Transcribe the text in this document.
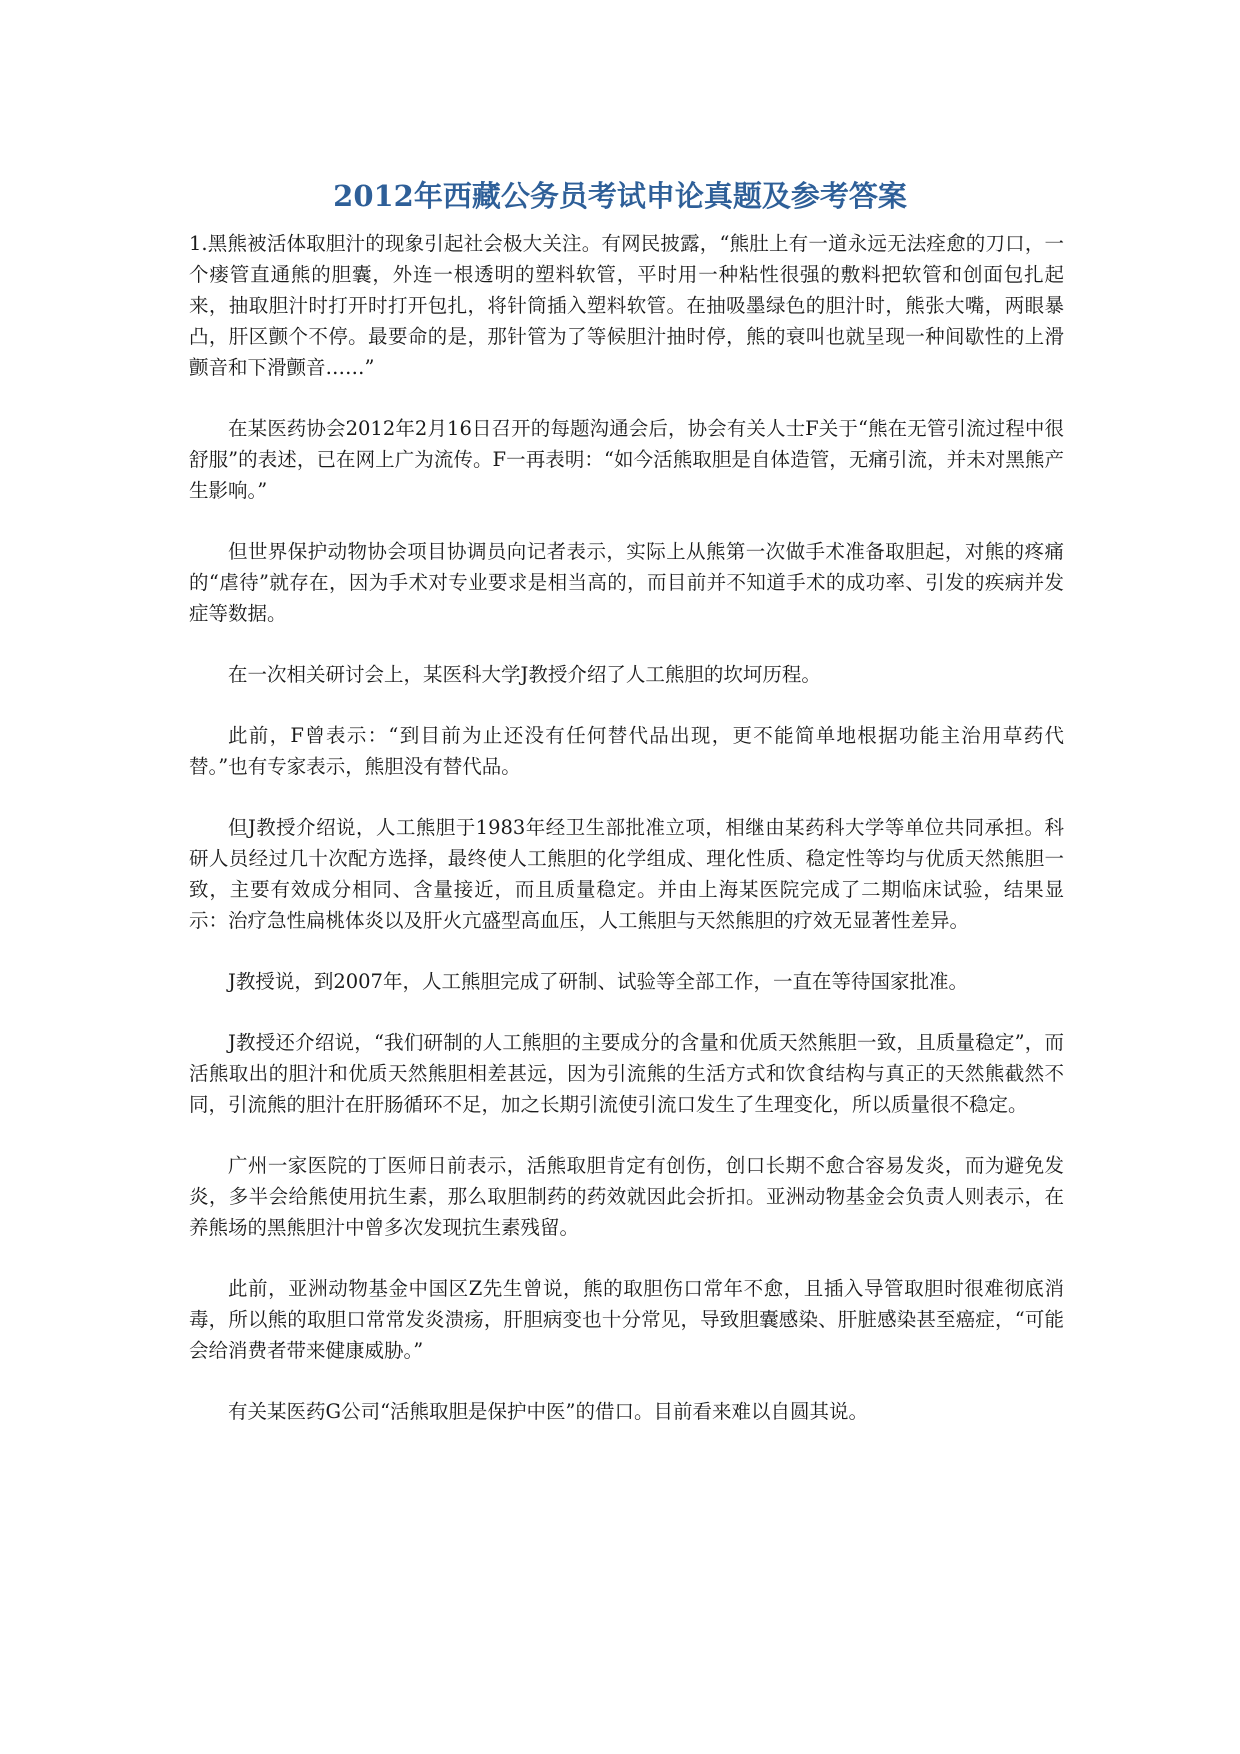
2012年西藏公务员考试申论真题及参考答案

1.黑熊被活体取胆汁的现象引起社会极大关注。有网民披露，“熊肚上有一道永远无法痊愈的刀口，一个瘘管直通熊的胆囊，外连一根透明的塑料软管，平时用一种粘性很强的敷料把软管和创面包扎起来，抽取胆汁时打开时打开包扎，将针筒插入塑料软管。在抽吸墨绿色的胆汁时，熊张大嘴，两眼暴凸，肝区颤个不停。最要命的是，那针管为了等候胆汁抽时停，熊的衰叫也就呈现一种间歇性的上滑颤音和下滑颤音……”

在某医药协会2012年2月16日召开的每题沟通会后，协会有关人士F关于“熊在无管引流过程中很舒服”的表述，已在网上广为流传。F一再表明：“如今活熊取胆是自体造管，无痛引流，并未对黑熊产生影响。”

但世界保护动物协会项目协调员向记者表示，实际上从熊第一次做手术准备取胆起，对熊的疼痛的“虐待”就存在，因为手术对专业要求是相当高的，而目前并不知道手术的成功率、引发的疾病并发症等数据。

在一次相关研讨会上，某医科大学J教授介绍了人工熊胆的坎坷历程。

此前，F曾表示：“到目前为止还没有任何替代品出现，更不能简单地根据功能主治用草药代替。”也有专家表示，熊胆没有替代品。

但J教授介绍说，人工熊胆于1983年经卫生部批准立项，相继由某药科大学等单位共同承担。科研人员经过几十次配方选择，最终使人工熊胆的化学组成、理化性质、稳定性等均与优质天然熊胆一致，主要有效成分相同、含量接近，而且质量稳定。并由上海某医院完成了二期临床试验，结果显示：治疗急性扁桃体炎以及肝火亢盛型高血压，人工熊胆与天然熊胆的疗效无显著性差异。

J教授说，到2007年，人工熊胆完成了研制、试验等全部工作，一直在等待国家批准。

J教授还介绍说，“我们研制的人工熊胆的主要成分的含量和优质天然熊胆一致，且质量稳定”，而活熊取出的胆汁和优质天然熊胆相差甚远，因为引流熊的生活方式和饮食结构与真正的天然熊截然不同，引流熊的胆汁在肝肠循环不足，加之长期引流使引流口发生了生理变化，所以质量很不稳定。

广州一家医院的丁医师日前表示，活熊取胆肯定有创伤，创口长期不愈合容易发炎，而为避免发炎，多半会给熊使用抗生素，那么取胆制药的药效就因此会折扣。亚洲动物基金会负责人则表示，在养熊场的黑熊胆汁中曾多次发现抗生素残留。

此前，亚洲动物基金中国区Z先生曾说，熊的取胆伤口常年不愈，且插入导管取胆时很难彻底消毒，所以熊的取胆口常常发炎溃疡，肝胆病变也十分常见，导致胆囊感染、肝脏感染甚至癌症，“可能会给消费者带来健康威胁。”

有关某医药G公司“活熊取胆是保护中医”的借口。目前看来难以自圆其说。
